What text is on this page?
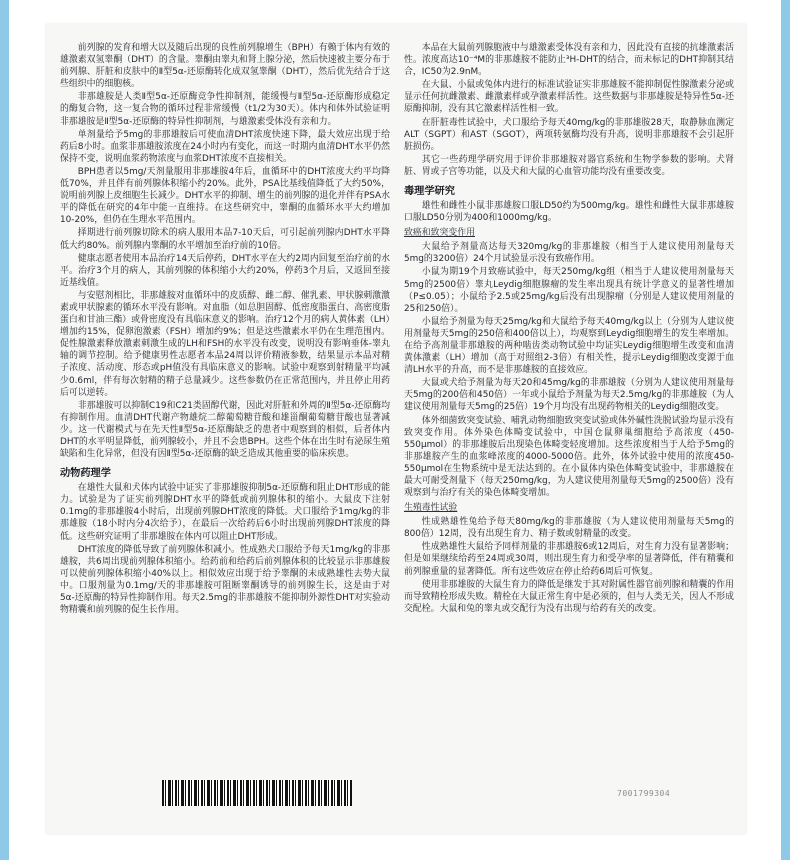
前列腺的发育和增大以及随后出现的良性前列腺增生（BPH）有赖于体内有效的雄激素双氢睾酮（DHT）的含量。睾酮由睾丸和肾上腺分泌，然后快速被主要分布于前列腺、肝脏和皮肤中的Ⅱ型5α-还原酶转化成双氢睾酮（DHT），然后优先结合于这些组织中的细胞核。

非那雄胺是人类Ⅱ型5α-还原酶竞争性抑制剂，能缓慢与Ⅱ型5α-还原酶形成稳定的酶复合物，这一复合物的循环过程非常缓慢（t1/2为30天）。体内和体外试验证明非那雄胺是Ⅱ型5α-还原酶的特异性抑制剂，与雄激素受体没有亲和力。

单剂量给予5mg的非那雄胺后可使血清DHT浓度快速下降，最大效应出现于给药后8小时。血浆非那雄胺浓度在24小时内有变化，而这一时期内血清DHT水平仍然保持不变，说明血浆药物浓度与血浆DHT浓度不直接相关。

BPH患者以5mg/天剂量服用非那雄胺4年后，血循环中的DHT浓度大约平均降低70%，并且伴有前列腺体积缩小约20%。此外，PSA比基线值降低了大约50%，说明前列腺上皮细胞生长减少。DHT水平的抑制、增生的前列腺的退化并伴有PSA水平的降低在研究的4年中能一直维持。在这些研究中，睾酮的血循环水平大约增加10-20%，但仍在生理水平范围内。

择期进行前列腺切除术的病人服用本品7-10天后，可引起前列腺内DHT水平降低大约80%。前列腺内睾酮的水平增加至治疗前的10倍。

健康志愿者使用本品治疗14天后停药，DHT水平在大约2周内回复至治疗前的水平。治疗3个月的病人，其前列腺的体积缩小大约20%，停药3个月后，又返回至接近基线值。

与安慰剂相比，非那雄胺对血循环中的皮质醇、雌二醇、催乳素、甲状腺刺激激素或甲状腺素的循环水平没有影响。对血脂（如总胆固醇、低密度脂蛋白、高密度脂蛋白和甘油三酯）或骨密度没有具临床意义的影响。治疗12个月的病人黄体素（LH）增加约15%，促卵泡激素（FSH）增加约9%；但是这些激素水平仍在生理范围内。促性腺激素释放激素刺激生成的LH和FSH的水平没有改变，说明没有影响垂体-睾丸轴的调节控制。给予健康男性志愿者本品24周以评价精液参数，结果显示本品对精子浓度、活动度、形态或pH值没有具临床意义的影响。试验中观察到射精量平均减少0.6ml，伴有每次射精的精子总量减少。这些参数仍在正常范围内，并且停止用药后可以逆转。

非那雄胺可以抑制C19和C21类固醇代谢，因此对肝脏和外周的Ⅱ型5α-还原酶均有抑制作用。血清DHT代谢产物雄烷二醇葡萄糖苷酸和雄甾酮葡萄糖苷酸也显著减少。这一代谢模式与在先天性Ⅱ型5α-还原酶缺乏的患者中观察到的相似，后者体内DHT的水平明显降低，前列腺较小，并且不会患BPH。这些个体在出生时有泌尿生殖缺陷和生化异常，但没有因Ⅱ型5α-还原酶的缺乏造成其他重要的临床疾患。

动物药理学

在雄性大鼠和犬体内试验中证实了非那雄胺抑制5α-还原酶和阻止DHT形成的能力。试验是为了证实前列腺DHT水平的降低或前列腺体积的缩小。大鼠皮下注射0.1mg的非那雄胺4小时后，出现前列腺DHT浓度的降低。犬口服给予1mg/kg的非那雄胺（18小时内分4次给予），在最后一次给药后6小时出现前列腺DHT浓度的降低。这些研究证明了非那雄胺在体内可以阻止DHT形成。

DHT浓度的降低导致了前列腺体积减小。性成熟犬口服给予每天1mg/kg的非那雄胺，共6周出现前列腺体积缩小。给药前和给药后前列腺体积的比较显示非那雄胺可以使前列腺体积缩小40%以上。相似效应出现于给予睾酮的未成熟雄性去势大鼠中。口服剂量为0.1mg/天的非那雄胺可阻断睾酮诱导的前列腺生长，这是由于对5α-还原酶的特异性抑制作用。每天2.5mg的非那雄胺不能抑制外源性DHT对实验动物精囊和前列腺的促生长作用。

本品在大鼠前列腺胞液中与雄激素受体没有亲和力，因此没有直接的抗雄激素活性。浓度高达10⁻⁴M的非那雄胺不能防止³H-DHT的结合，而未标记的DHT抑制其结合，IC50为2.9nM。

在大鼠、小鼠或兔体内进行的标准试验证实非那雄胺不能抑制促性腺激素分泌或显示任何抗雌激素、雌激素样或孕激素样活性。这些数据与非那雄胺是特异性5α-还原酶抑制，没有其它激素样活性相一致。

在肝脏毒性试验中，犬口服给予每天40mg/kg的非那雄胺28天，取静脉血测定ALT（SGPT）和AST（SGOT），两项转氨酶均没有升高，说明非那雄胺不会引起肝脏损伤。

其它一些药理学研究用于评价非那雄胺对器官系统和生物学参数的影响。犬肾脏、胃或子宫等功能，以及犬和大鼠的心血管功能均没有重要改变。

毒理学研究

雄性和雌性小鼠非那雄胺口服LD50约为500mg/kg。雄性和雌性大鼠非那雄胺口服LD50分别为400和1000mg/kg。

致癌和致突变作用

大鼠给予剂量高达每天320mg/kg的非那雄胺（相当于人建议使用剂量每天5mg的3200倍）24个月试验显示没有致癌作用。

小鼠为期19个月致癌试验中，每天250mg/kg组（相当于人建议使用剂量每天5mg的2500倍）睾丸Leydig细胞腺瘤的发生率出现具有统计学意义的显著性增加（P≤0.05）；小鼠给予2.5或25mg/kg后没有出现腺瘤（分别是人建议使用剂量的25和250倍）。

小鼠给予剂量为每天25mg/kg和大鼠给予每天40mg/kg以上（分别为人建议使用剂量每天5mg的250倍和400倍以上），均观察到Leydig细胞增生的发生率增加。在给予高剂量非那雄胺的两种啮齿类动物试验中均证实Leydig细胞增生改变和血清黄体激素（LH）增加（高于对照组2-3倍）有相关性，提示Leydig细胞改变源于血清LH水平的升高，而不是非那雄胺的直接效应。

大鼠或犬给予剂量为每天20和45mg/kg的非那雄胺（分别为人建议使用剂量每天5mg的200倍和450倍）一年或小鼠给予剂量为每天2.5mg/kg的非那雄胺（为人建议使用剂量每天5mg的25倍）19个月均没有出现药物相关的Leydig细胞改变。

体外细菌致突变试验、哺乳动物细胞致突变试验或体外碱性洗脱试验均显示没有致突变作用。体外染色体畸变试验中，中国仓鼠卵巢细胞给予高浓度（450-550μmol）的非那雄胺后出现染色体畸变轻度增加。这些浓度相当于人给予5mg的非那雄胺产生的血浆峰浓度的4000-5000倍。此外，体外试验中使用的浓度450-550μmol在生物系统中是无法达到的。在小鼠体内染色体畸变试验中，非那雄胺在最大可耐受剂量下（每天250mg/kg，为人建议使用剂量每天5mg的2500倍）没有观察到与治疗有关的染色体畸变增加。

生殖毒性试验

性成熟雄性兔给予每天80mg/kg的非那雄胺（为人建议使用剂量每天5mg的800倍）12周，没有出现生育力、精子数或射精量的改变。

性成熟雄性大鼠给予同样剂量的非那雄胺6或12周后，对生育力没有显著影响；但是如果继续给药至24周或30周，则出现生育力和受孕率的显著降低，伴有精囊和前列腺重量的显著降低。所有这些效应在停止给药6周后可恢复。

使用非那雄胺的大鼠生育力的降低是继发于其对附属性器官前列腺和精囊的作用而导致精栓形成失败。精栓在大鼠正常生育中是必须的，但与人类无关，因人不形成交配栓。大鼠和兔的睾丸或交配行为没有出现与给药有关的改变。

7001799304
